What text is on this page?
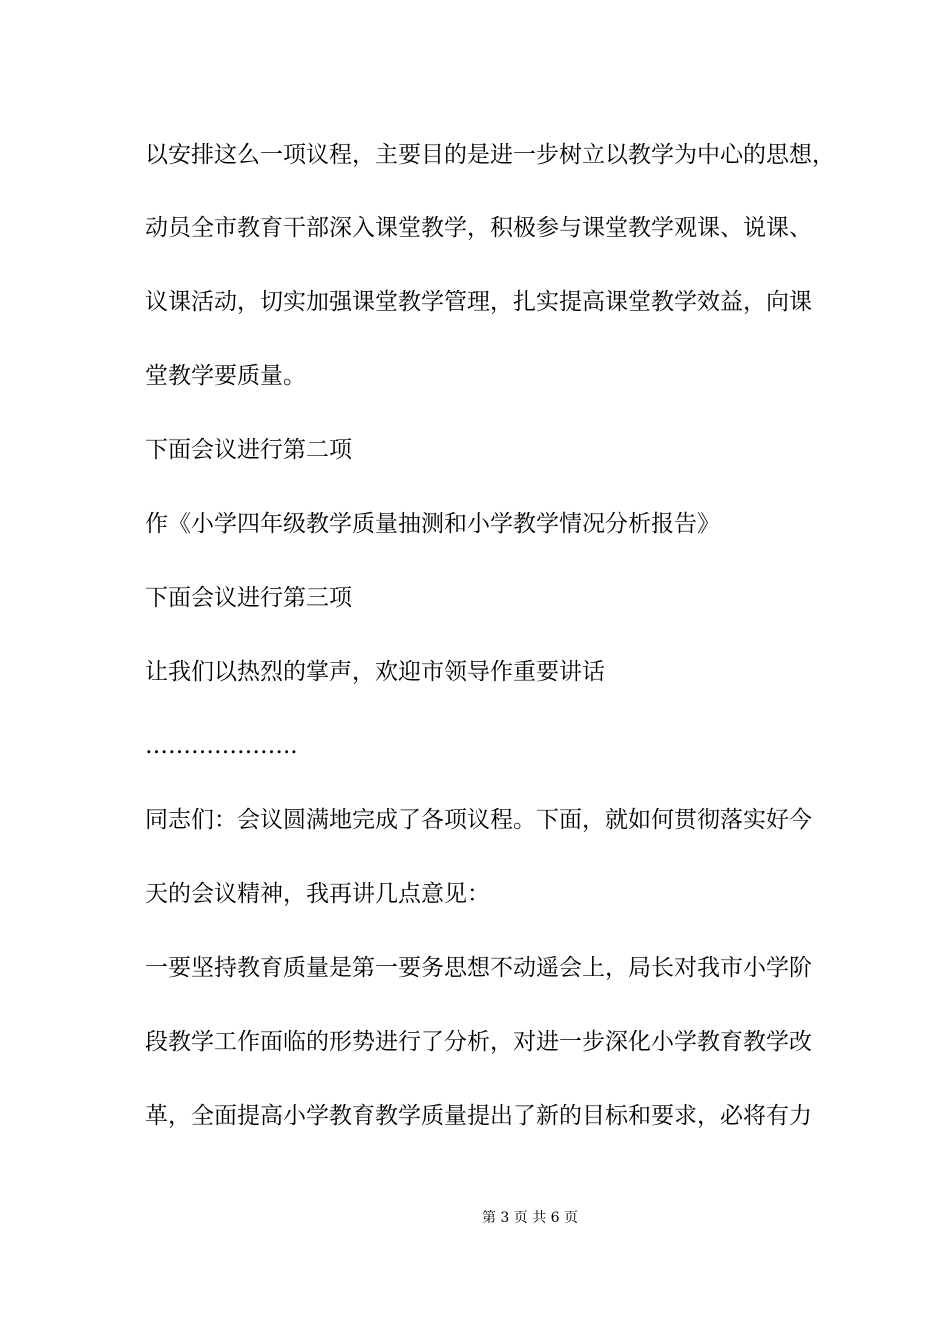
以安排这么一项议程，主要目的是进一步树立以教学为中心的思想，

动员全市教育干部深入课堂教学，积极参与课堂教学观课、说课、

议课活动，切实加强课堂教学管理，扎实提高课堂教学效益，向课

堂教学要质量。

下面会议进行第二项

作《小学四年级教学质量抽测和小学教学情况分析报告》

下面会议进行第三项

让我们以热烈的掌声，欢迎市领导作重要讲话

………………..

同志们：会议圆满地完成了各项议程。下面，就如何贯彻落实好今

天的会议精神，我再讲几点意见：

一要坚持教育质量是第一要务思想不动遥会上，局长对我市小学阶

段教学工作面临的形势进行了分析，对进一步深化小学教育教学改

革，全面提高小学教育教学质量提出了新的目标和要求，必将有力

第 3 页 共 6 页
